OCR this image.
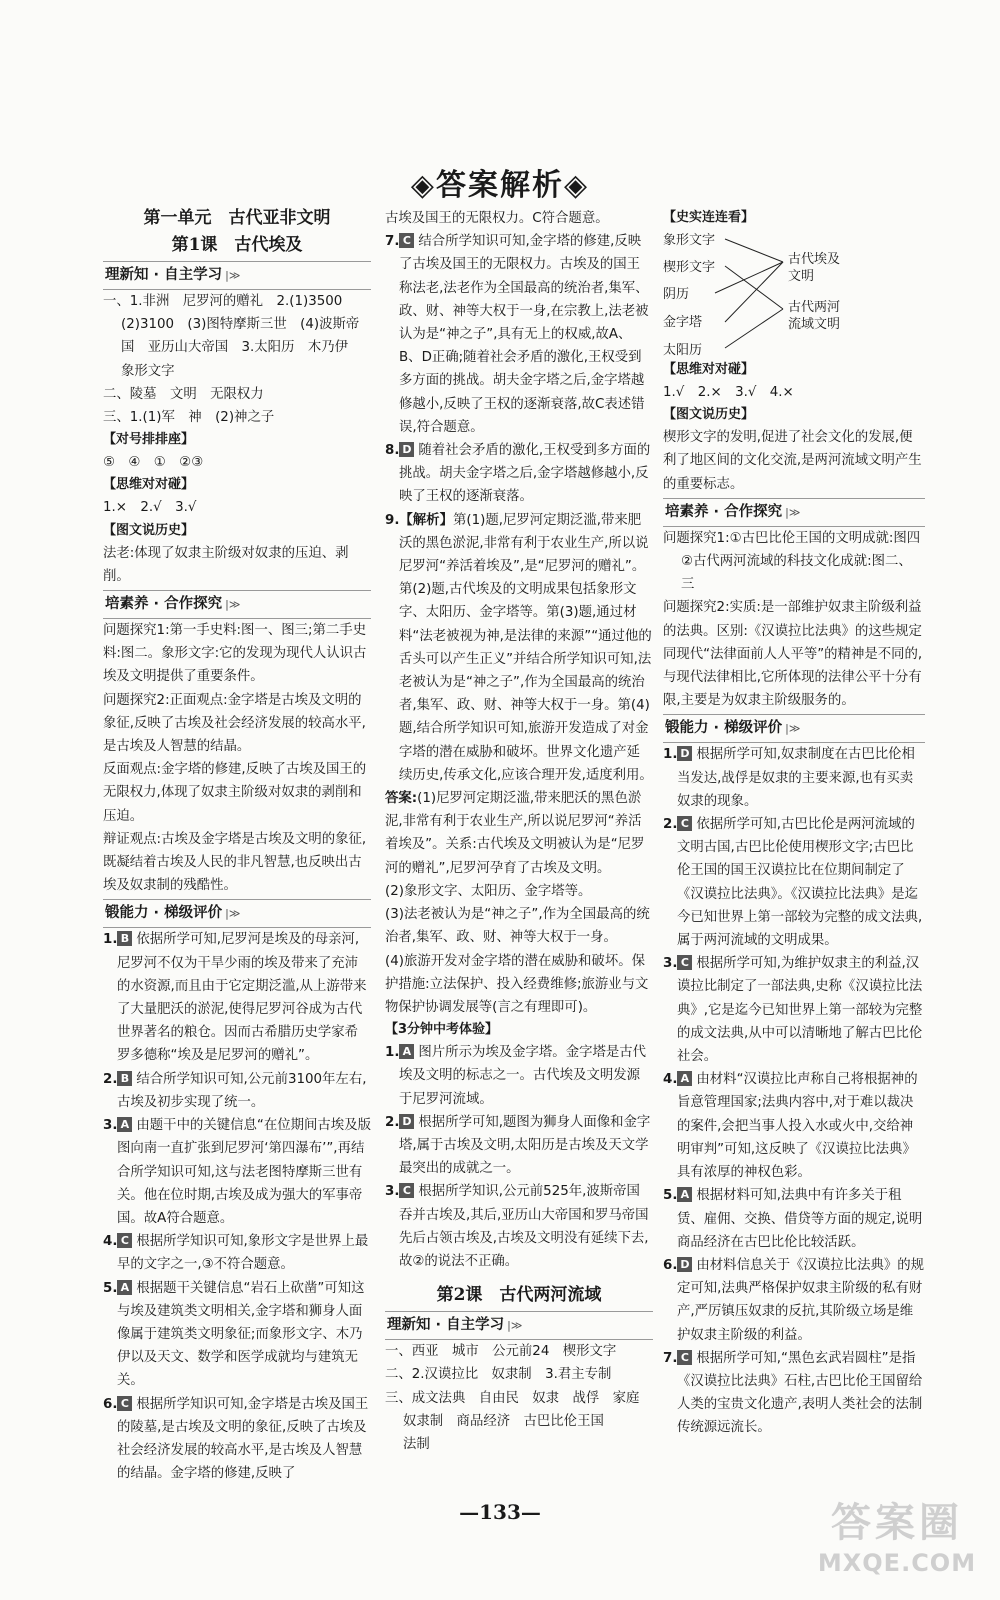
◈答案解析◈
第一单元　古代亚非文明
第1课　古代埃及
理新知 · 自主学习 |≫
一、1.非洲　尼罗河的赠礼　2.(1)3500
(2)3100　(3)图特摩斯三世　(4)波斯帝
国　亚历山大帝国　3.太阳历　木乃伊
象形文字
二、陵墓　文明　无限权力
三、1.(1)军　神　(2)神之子
【对号排排座】
⑤　④　①　②③
【思维对对碰】
1.×　2.√　3.√
【图文说历史】
法老:体现了奴隶主阶级对奴隶的压迫、剥削。
培素养 · 合作探究 |≫
问题探究1:第一手史料:图一、图三;第二手史料:图二。象形文字:它的发现为现代人认识古埃及文明提供了重要条件。
问题探究2:正面观点:金字塔是古埃及文明的象征,反映了古埃及社会经济发展的较高水平,是古埃及人智慧的结晶。
反面观点:金字塔的修建,反映了古埃及国王的无限权力,体现了奴隶主阶级对奴隶的剥削和压迫。
辩证观点:古埃及金字塔是古埃及文明的象征,既凝结着古埃及人民的非凡智慧,也反映出古埃及奴隶制的残酷性。
锻能力 · 梯级评价 |≫
1. B 依据所学可知,尼罗河是埃及的母亲河,尼罗河不仅为干旱少雨的埃及带来了充沛的水资源,而且由于它定期泛滥,从上游带来了大量肥沃的淤泥,使得尼罗河谷成为古代世界著名的粮仓。因而古希腊历史学家希罗多德称“埃及是尼罗河的赠礼”。
2. B 结合所学知识可知,公元前3100年左右,古埃及初步实现了统一。
3. A 由题干中的关键信息“在位期间古埃及版图向南一直扩张到尼罗河‘第四瀑布’”,再结合所学知识可知,这与法老图特摩斯三世有关。他在位时期,古埃及成为强大的军事帝国。故A符合题意。
4. C 根据所学知识可知,象形文字是世界上最早的文字之一,③不符合题意。
5. A 根据题干关键信息“岩石上砍凿”可知这与埃及建筑类文明相关,金字塔和狮身人面像属于建筑类文明象征;而象形文字、木乃伊以及天文、数学和医学成就均与建筑无关。
6. C 根据所学知识可知,金字塔是古埃及国王的陵墓,是古埃及文明的象征,反映了古埃及社会经济发展的较高水平,是古埃及人智慧的结晶。金字塔的修建,反映了
古埃及国王的无限权力。C符合题意。
7. C 结合所学知识可知,金字塔的修建,反映了古埃及国王的无限权力。古埃及的国王称法老,法老作为全国最高的统治者,集军、政、财、神等大权于一身,在宗教上,法老被认为是“神之子”,具有无上的权威,故A、B、D正确;随着社会矛盾的激化,王权受到多方面的挑战。胡夫金字塔之后,金字塔越修越小,反映了王权的逐渐衰落,故C表述错误,符合题意。
8. D 随着社会矛盾的激化,王权受到多方面的挑战。胡夫金字塔之后,金字塔越修越小,反映了王权的逐渐衰落。
9.【解析】第(1)题,尼罗河定期泛滥,带来肥沃的黑色淤泥,非常有利于农业生产,所以说尼罗河“养活着埃及”,是“尼罗河的赠礼”。第(2)题,古代埃及的文明成果包括象形文字、太阳历、金字塔等。第(3)题,通过材料“法老被视为神,是法律的来源”“通过他的舌头可以产生正义”并结合所学知识可知,法老被认为是“神之子”,作为全国最高的统治者,集军、政、财、神等大权于一身。第(4)题,结合所学知识可知,旅游开发造成了对金字塔的潜在威胁和破坏。世界文化遗产延续历史,传承文化,应该合理开发,适度利用。
答案:(1)尼罗河定期泛滥,带来肥沃的黑色淤泥,非常有利于农业生产,所以说尼罗河“养活着埃及”。关系:古代埃及文明被认为是“尼罗河的赠礼”,尼罗河孕育了古埃及文明。
(2)象形文字、太阳历、金字塔等。
(3)法老被认为是“神之子”,作为全国最高的统治者,集军、政、财、神等大权于一身。
(4)旅游开发对金字塔的潜在威胁和破坏。保护措施:立法保护、投入经费维修;旅游业与文物保护协调发展等(言之有理即可)。
【3分钟中考体验】
1. A 图片所示为埃及金字塔。金字塔是古代埃及文明的标志之一。古代埃及文明发源于尼罗河流域。
2. D 根据所学可知,题图为狮身人面像和金字塔,属于古埃及文明,太阳历是古埃及天文学最突出的成就之一。
3. C 根据所学知识,公元前525年,波斯帝国吞并古埃及,其后,亚历山大帝国和罗马帝国先后占领古埃及,古埃及文明没有延续下去,故②的说法不正确。
第2课　古代两河流域
理新知 · 自主学习 |≫
一、西亚　城市　公元前24　楔形文字
二、2.汉谟拉比　奴隶制　3.君主专制
三、成文法典　自由民　奴隶　战俘　家庭
奴隶制　商品经济　古巴比伦王国
法制
【史实连连看】
象形文字
楔形文字
阴历
金字塔
太阳历
古代埃及
文明
古代两河
流域文明
【思维对对碰】
1.√　2.×　3.√　4.×
【图文说历史】
楔形文字的发明,促进了社会文化的发展,便利了地区间的文化交流,是两河流域文明产生的重要标志。
培素养 · 合作探究 |≫
问题探究1:①古巴比伦王国的文明成就:图四
②古代两河流域的科技文化成就:图二、三
问题探究2:实质:是一部维护奴隶主阶级利益的法典。区别:《汉谟拉比法典》的这些规定同现代“法律面前人人平等”的精神是不同的,与现代法律相比,它所体现的法律公平十分有限,主要是为奴隶主阶级服务的。
锻能力 · 梯级评价 |≫
1. D 根据所学可知,奴隶制度在古巴比伦相当发达,战俘是奴隶的主要来源,也有买卖奴隶的现象。
2. C 依据所学可知,古巴比伦是两河流域的文明古国,古巴比伦使用楔形文字;古巴比伦王国的国王汉谟拉比在位期间制定了《汉谟拉比法典》。《汉谟拉比法典》是迄今已知世界上第一部较为完整的成文法典,属于两河流域的文明成果。
3. C 根据所学可知,为维护奴隶主的利益,汉谟拉比制定了一部法典,史称《汉谟拉比法典》,它是迄今已知世界上第一部较为完整的成文法典,从中可以清晰地了解古巴比伦社会。
4. A 由材料“汉谟拉比声称自己将根据神的旨意管理国家;法典内容中,对于难以裁决的案件,会把当事人投入水或火中,交给神明审判”可知,这反映了《汉谟拉比法典》具有浓厚的神权色彩。
5. A 根据材料可知,法典中有许多关于租赁、雇佣、交换、借贷等方面的规定,说明商品经济在古巴比伦比较活跃。
6. D 由材料信息关于《汉谟拉比法典》的规定可知,法典严格保护奴隶主阶级的私有财产,严厉镇压奴隶的反抗,其阶级立场是维护奴隶主阶级的利益。
7. C 根据所学可知,“黑色玄武岩圆柱”是指《汉谟拉比法典》石柱,古巴比伦王国留给人类的宝贵文化遗产,表明人类社会的法制传统源远流长。
—133—	答案圈
MXQE.COM
